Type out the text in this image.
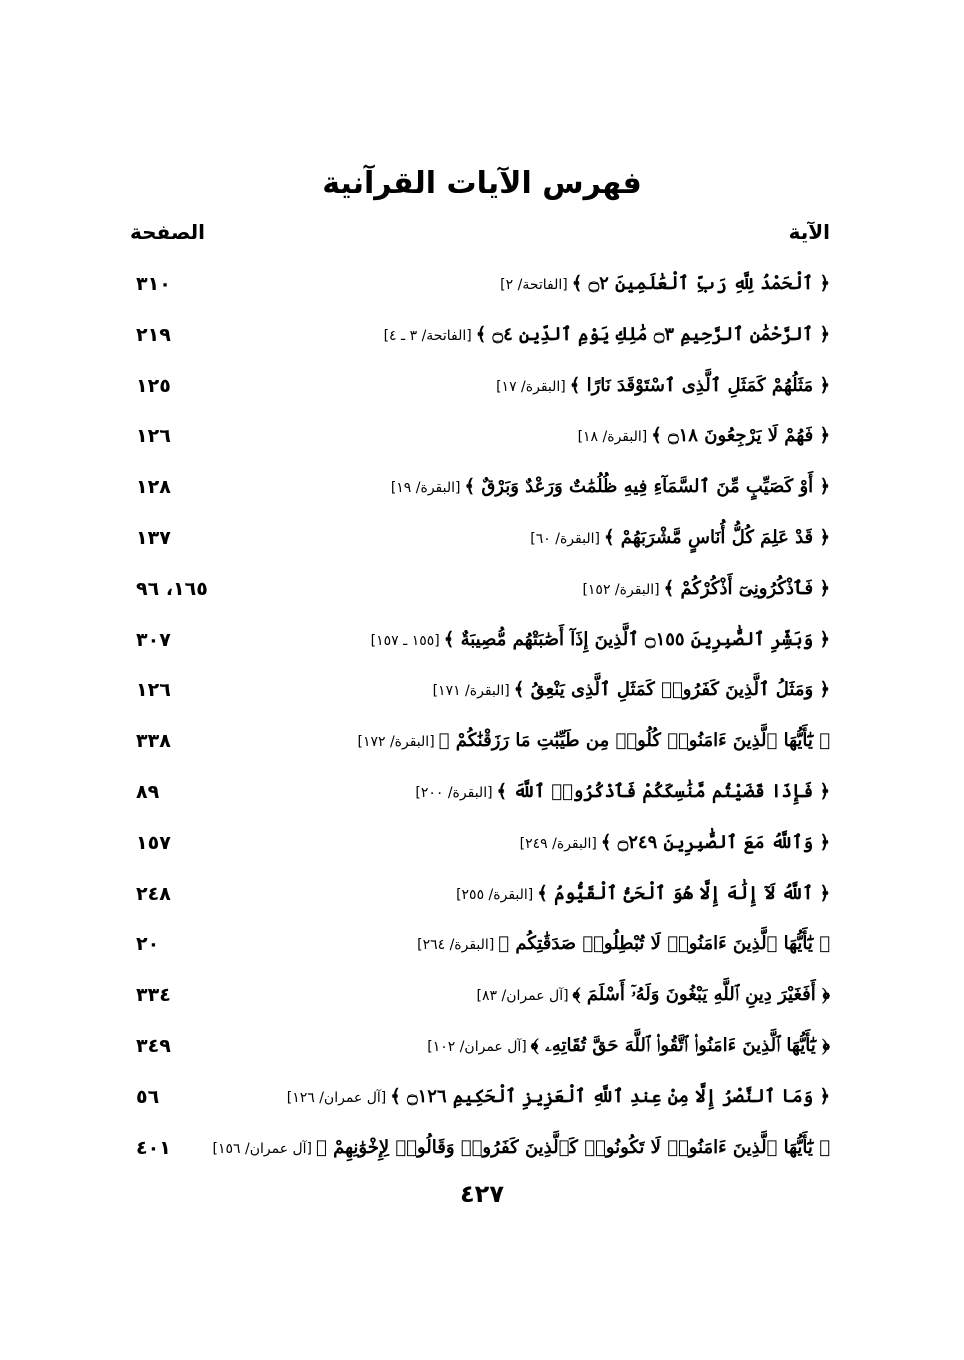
فهرس الآيات القرآنية
الآية
الصفحة
﴿ ٱلْحَمْدُ لِلَّهِ رَبِّ ٱلْعَٰلَمِينَ ۝٢ ﴾[الفاتحة/ ٢]
٣١٠
﴿ ٱلرَّحْمَٰنِ ٱلرَّحِيمِ ۝٣ مَٰلِكِ يَوْمِ ٱلدِّينِ ۝٤ ﴾[الفاتحة/ ٣ ـ ٤]
٢١٩
﴿ مَثَلُهُمْ كَمَثَلِ ٱلَّذِى ٱسْتَوْقَدَ نَارًا ﴾[البقرة/ ١٧]
١٢٥
﴿ فَهُمْ لَا يَرْجِعُونَ ۝١٨ ﴾[البقرة/ ١٨]
١٢٦
﴿ أَوْ كَصَيِّبٍ مِّنَ ٱلسَّمَآءِ فِيهِ ظُلُمَٰتٌ وَرَعْدٌ وَبَرْقٌ ﴾[البقرة/ ١٩]
١٢٨
﴿ قَدْ عَلِمَ كُلُّ أُنَاسٍ مَّشْرَبَهُمْ ﴾[البقرة/ ٦٠]
١٣٧
﴿ فَٱذْكُرُونِىٓ أَذْكُرْكُمْ ﴾[البقرة/ ١٥٢]
١٦٥، ٩٦
﴿ وَبَشِّرِ ٱلصَّٰبِرِينَ ۝١٥٥ ٱلَّذِينَ إِذَآ أَصَٰبَتْهُم مُّصِيبَةٌ ﴾[١٥٥ ـ ١٥٧]
٣٠٧
﴿ وَمَثَلُ ٱلَّذِينَ كَفَرُوا۟ كَمَثَلِ ٱلَّذِى يَنْعِقُ ﴾[البقرة/ ١٧١]
١٢٦
﴿ يَٰٓأَيُّهَا ٱلَّذِينَ ءَامَنُوا۟ كُلُوا۟ مِن طَيِّبَٰتِ مَا رَزَقْنَٰكُمْ ﴾[البقرة/ ١٧٢]
٣٣٨
﴿ فَإِذَا قَضَيْتُم مَّنَٰسِكَكُمْ فَٱذْكُرُوا۟ ٱللَّهَ ﴾[البقرة/ ٢٠٠]
٨٩
﴿ وَٱللَّهُ مَعَ ٱلصَّٰبِرِينَ ۝٢٤٩ ﴾[البقرة/ ٢٤٩]
١٥٧
﴿ ٱللَّهُ لَآ إِلَٰهَ إِلَّا هُوَ ٱلْحَىُّ ٱلْقَيُّومُ ﴾[البقرة/ ٢٥٥]
٢٤٨
﴿ يَٰٓأَيُّهَا ٱلَّذِينَ ءَامَنُوا۟ لَا تُبْطِلُوا۟ صَدَقَٰتِكُم ﴾[البقرة/ ٢٦٤]
٢٠
﴿ أَفَغَيْرَ دِينِ ٱللَّهِ يَبْغُونَ وَلَهُۥٓ أَسْلَمَ ﴾[آل عمران/ ٨٣]
٣٣٤
﴿ يَٰٓأَيُّهَا ٱلَّذِينَ ءَامَنُوا۟ ٱتَّقُوا۟ ٱللَّهَ حَقَّ تُقَاتِهِۦ ﴾[آل عمران/ ١٠٢]
٣٤٩
﴿ وَمَا ٱلنَّصْرُ إِلَّا مِنْ عِندِ ٱللَّهِ ٱلْعَزِيزِ ٱلْحَكِيمِ ۝١٢٦ ﴾[آل عمران/ ١٢٦]
٥٦
﴿ يَٰٓأَيُّهَا ٱلَّذِينَ ءَامَنُوا۟ لَا تَكُونُوا۟ كَٱلَّذِينَ كَفَرُوا۟ وَقَالُوا۟ لِإِخْوَٰنِهِمْ ﴾[آل عمران/ ١٥٦]
٤٠١
٤٢٧
